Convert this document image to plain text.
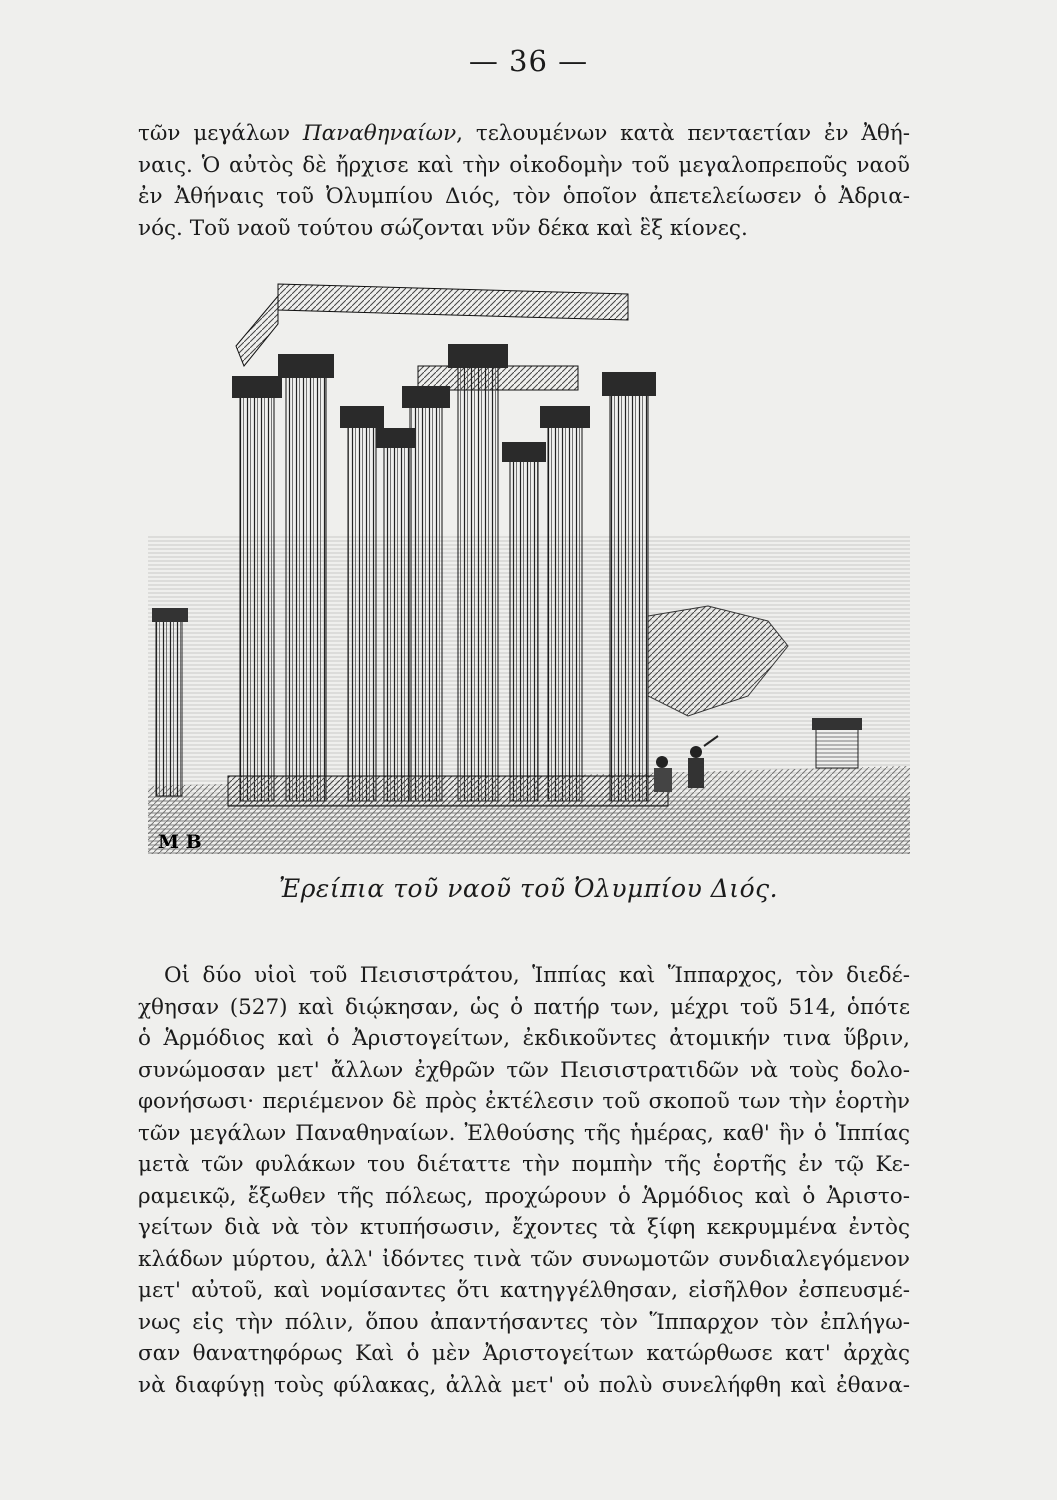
— 36 —
τῶν μεγάλων Παναθηναίων, τελουμένων κατὰ πενταετίαν ἐν Ἀθή-
ναις. Ὁ αὐτὸς δὲ ἤρχισε καὶ τὴν οἰκοδομὴν τοῦ μεγαλοπρεποῦς ναοῦ
ἐν Ἀθήναις τοῦ Ὀλυμπίου Διός, τὸν ὁποῖον ἀπετελείωσεν ὁ Ἀδρια-
νός. Τοῦ ναοῦ τούτου σώζονται νῦν δέκα καὶ ἓξ κίονες.
Μ Β
Ἐρείπια τοῦ ναοῦ τοῦ Ὀλυμπίου Διός.
Οἱ δύο υἱοὶ τοῦ Πεισιστράτου, Ἱππίας καὶ Ἵππαρχος, τὸν διεδέ-
χθησαν (527) καὶ διῴκησαν, ὡς ὁ πατήρ των, μέχρι τοῦ 514, ὁπότε
ὁ Ἁρμόδιος καὶ ὁ Ἀριστογείτων, ἐκδικοῦντες ἀτομικήν τινα ὕβριν,
συνώμοσαν μετ' ἄλλων ἐχθρῶν τῶν Πεισιστρατιδῶν νὰ τοὺς δολο-
φονήσωσι· περιέμενον δὲ πρὸς ἐκτέλεσιν τοῦ σκοποῦ των τὴν ἑορτὴν
τῶν μεγάλων Παναθηναίων. Ἐλθούσης τῆς ἡμέρας, καθ' ἣν ὁ Ἱππίας
μετὰ τῶν φυλάκων του διέταττε τὴν πομπὴν τῆς ἑορτῆς ἐν τῷ Κε-
ραμεικῷ, ἔξωθεν τῆς πόλεως, προχώρουν ὁ Ἁρμόδιος καὶ ὁ Ἀριστο-
γείτων διὰ νὰ τὸν κτυπήσωσιν, ἔχοντες τὰ ξίφη κεκρυμμένα ἐντὸς
κλάδων μύρτου, ἀλλ' ἰδόντες τινὰ τῶν συνωμοτῶν συνδιαλεγόμενον
μετ' αὐτοῦ, καὶ νομίσαντες ὅτι κατηγγέλθησαν, εἰσῆλθον ἐσπευσμέ-
νως εἰς τὴν πόλιν, ὅπου ἀπαντήσαντες τὸν Ἵππαρχον τὸν ἐπλήγω-
σαν θανατηφόρως Καὶ ὁ μὲν Ἀριστογείτων κατώρθωσε κατ' ἀρχὰς
νὰ διαφύγῃ τοὺς φύλακας, ἀλλὰ μετ' οὐ πολὺ συνελήφθη καὶ ἐθανα-
